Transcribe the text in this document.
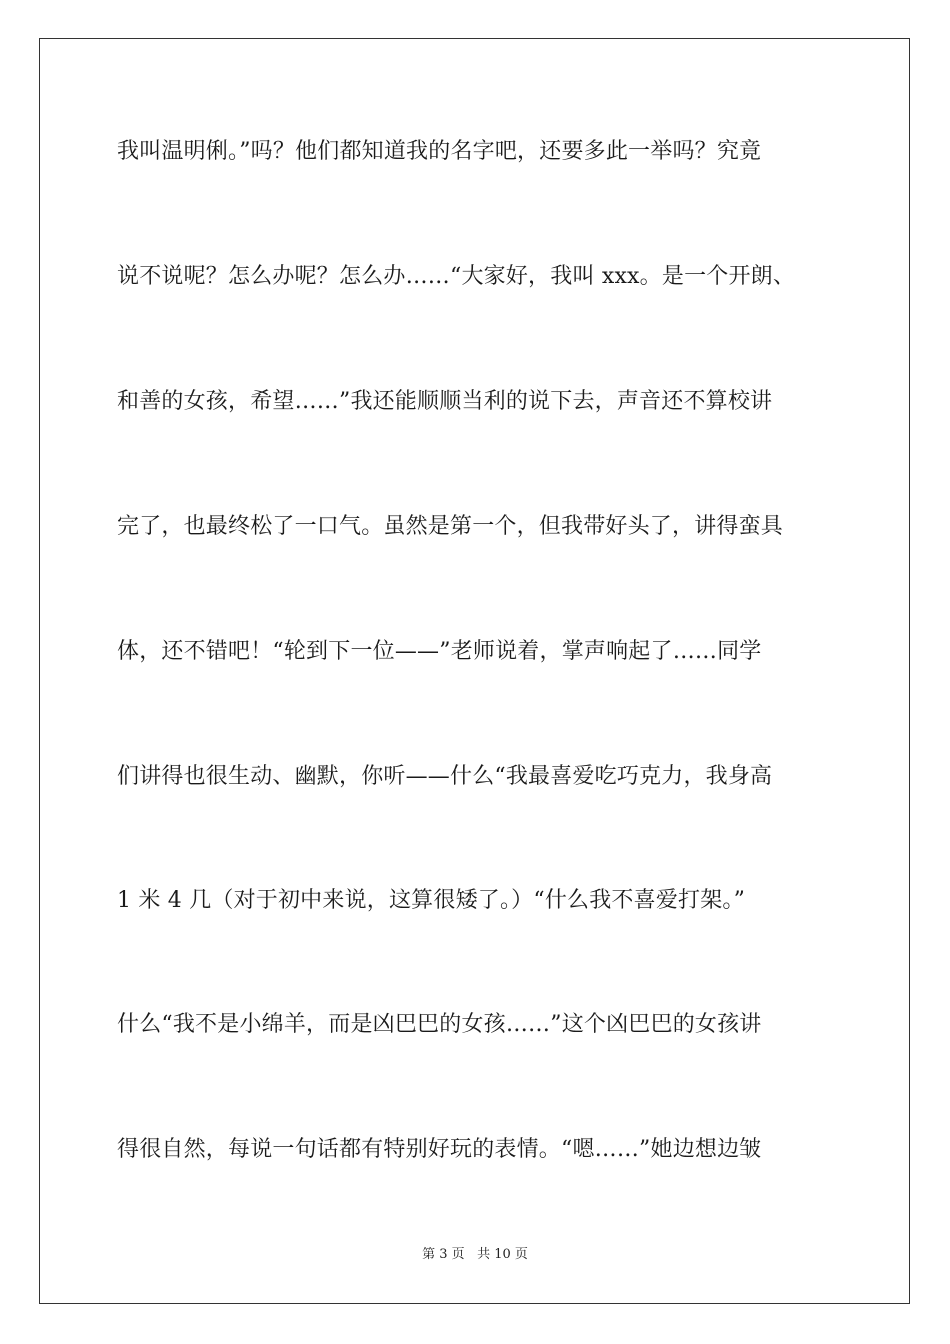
我叫温明俐。”吗？他们都知道我的名字吧，还要多此一举吗？究竟
说不说呢？怎么办呢？怎么办……“大家好，我叫 xxx。是一个开朗、
和善的女孩，希望……”我还能顺顺当利的说下去，声音还不算校讲
完了，也最终松了一口气。虽然是第一个，但我带好头了，讲得蛮具
体，还不错吧！“轮到下一位——”老师说着，掌声响起了……同学
们讲得也很生动、幽默，你听——什么“我最喜爱吃巧克力，我身高
1 米 4 几（对于初中来说，这算很矮了。）“什么我不喜爱打架。”
什么“我不是小绵羊，而是凶巴巴的女孩……”这个凶巴巴的女孩讲
得很自然，每说一句话都有特别好玩的表情。“嗯……”她边想边皱
第 3 页 共 10 页
